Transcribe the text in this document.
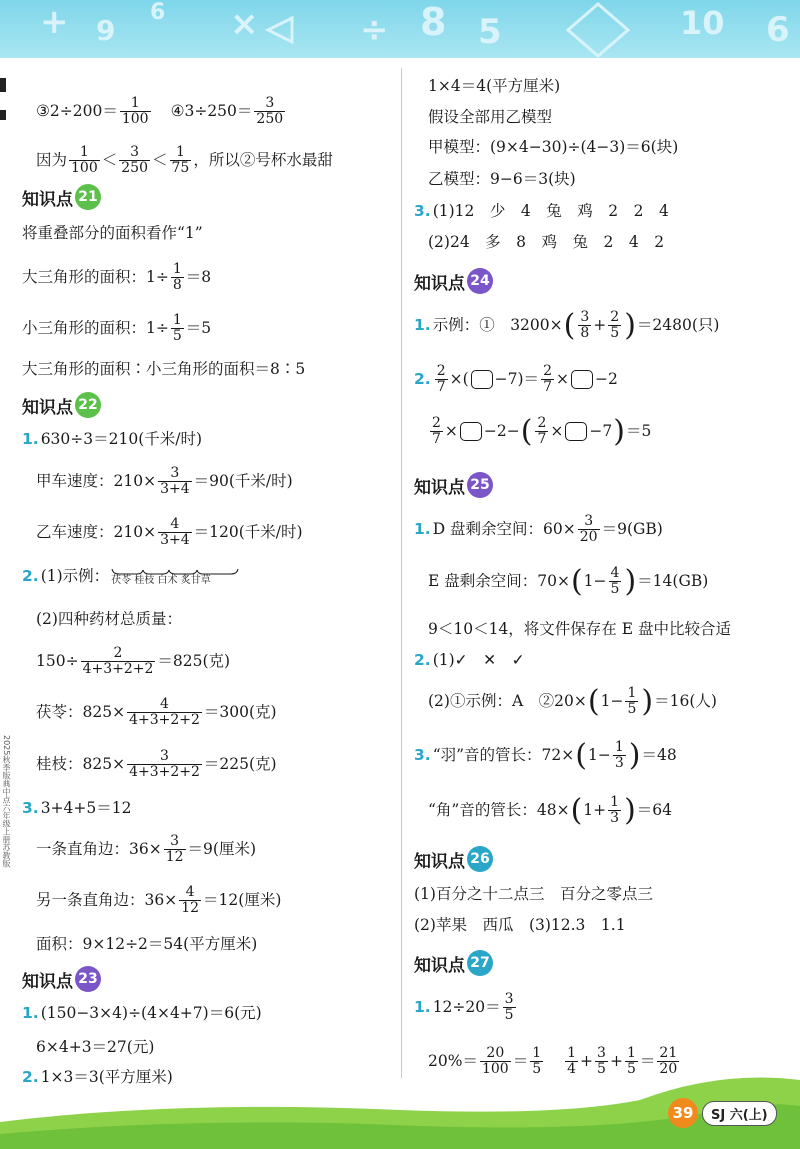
+ 9
6 ×	÷ 8 5	10 6
2025秋季版典中点六年级上册苏教版
③2÷200＝ $\frac{1}{100}$ ④3÷250＝ $\frac{3}{250}$
因为 $\frac{1}{100} < \frac{3}{250} < \frac{1}{75}$ ，所以②号杯水最甜
知识点 21
将重叠部分的面积看作“1”
大三角形的面积：$1\div \frac{1}{8} =8$
小三角形的面积：$1\div \frac{1}{5} =5$
大三角形的面积∶小三角形的面积＝8∶5
知识点 22
1. 630÷3＝210(千米/时)
甲车速度：$210\times \frac{3}{3+4} =90$(千米/时)
乙车速度：$210\times \frac{4}{3+4} =120$(千米/时)
2. (1)示例： 茯苓 桂枝 白术 炙甘草
(2)四种药材总质量：
$150\div \frac{2}{4+3+2+2} =825$(克)
茯苓：$825\times \frac{4}{4+3+2+2} =300$(克)
桂枝：$825\times \frac{3}{4+3+2+2} =225$(克)
3. 3+4+5＝12
一条直角边：$36\times \frac{3}{12} =9$(厘米)
另一条直角边：$36\times \frac{4}{12} =12$(厘米)
面积：9×12÷2＝54(平方厘米)
知识点 23
1. (150−3×4)÷(4×4+7)＝6(元)
6×4+3＝27(元)
2. 1×3＝3(平方厘米)
1×4＝4(平方厘米)
假设全部用乙模型
甲模型：(9×4−30)÷(4−3)＝6(块)
乙模型：9−6＝3(块)
3. (1)12　少　4　兔　鸡　2　2　4
(2)24　多　8　鸡　兔　2　4　2
知识点 24
1. 示例：①　3200× ( $\frac{3}{8} + \frac{2}{5}$ ) ＝2480(只)
2. $\frac{2}{7}$ ×( $-7)= \frac{2}{7} \times -2$
$\frac{2}{7} \times -2-$ ( $\frac{2}{7} \times -7$ ) ＝5
知识点 25
1. D 盘剩余空间：$60\times \frac{3}{20} =9(GB)$
E 盘剩余空间：70× ( $1- \frac{4}{5}$ ) ＝14(GB)
9＜10＜14，将文件保存在 E 盘中比较合适
2. (1)✓　✕　✓
(2)①示例：A　②20× ( $1- \frac{1}{5}$ ) ＝16(人)
3. “羽”音的管长：72× ( $1- \frac{1}{3}$ ) ＝48
“角”音的管长：48× ( $1+ \frac{1}{3}$ ) ＝64
知识点 26
(1)百分之十二点三　百分之零点三
(2)苹果　西瓜　(3)12.3　1.1
知识点 27
1. $12\div 20= \frac{3}{5}$
$20\%= \frac{20}{100} = \frac{1}{5} \frac{1}{4} + \frac{3}{5} + \frac{1}{5} = \frac{21}{20}$
39	SJ 六(上)
